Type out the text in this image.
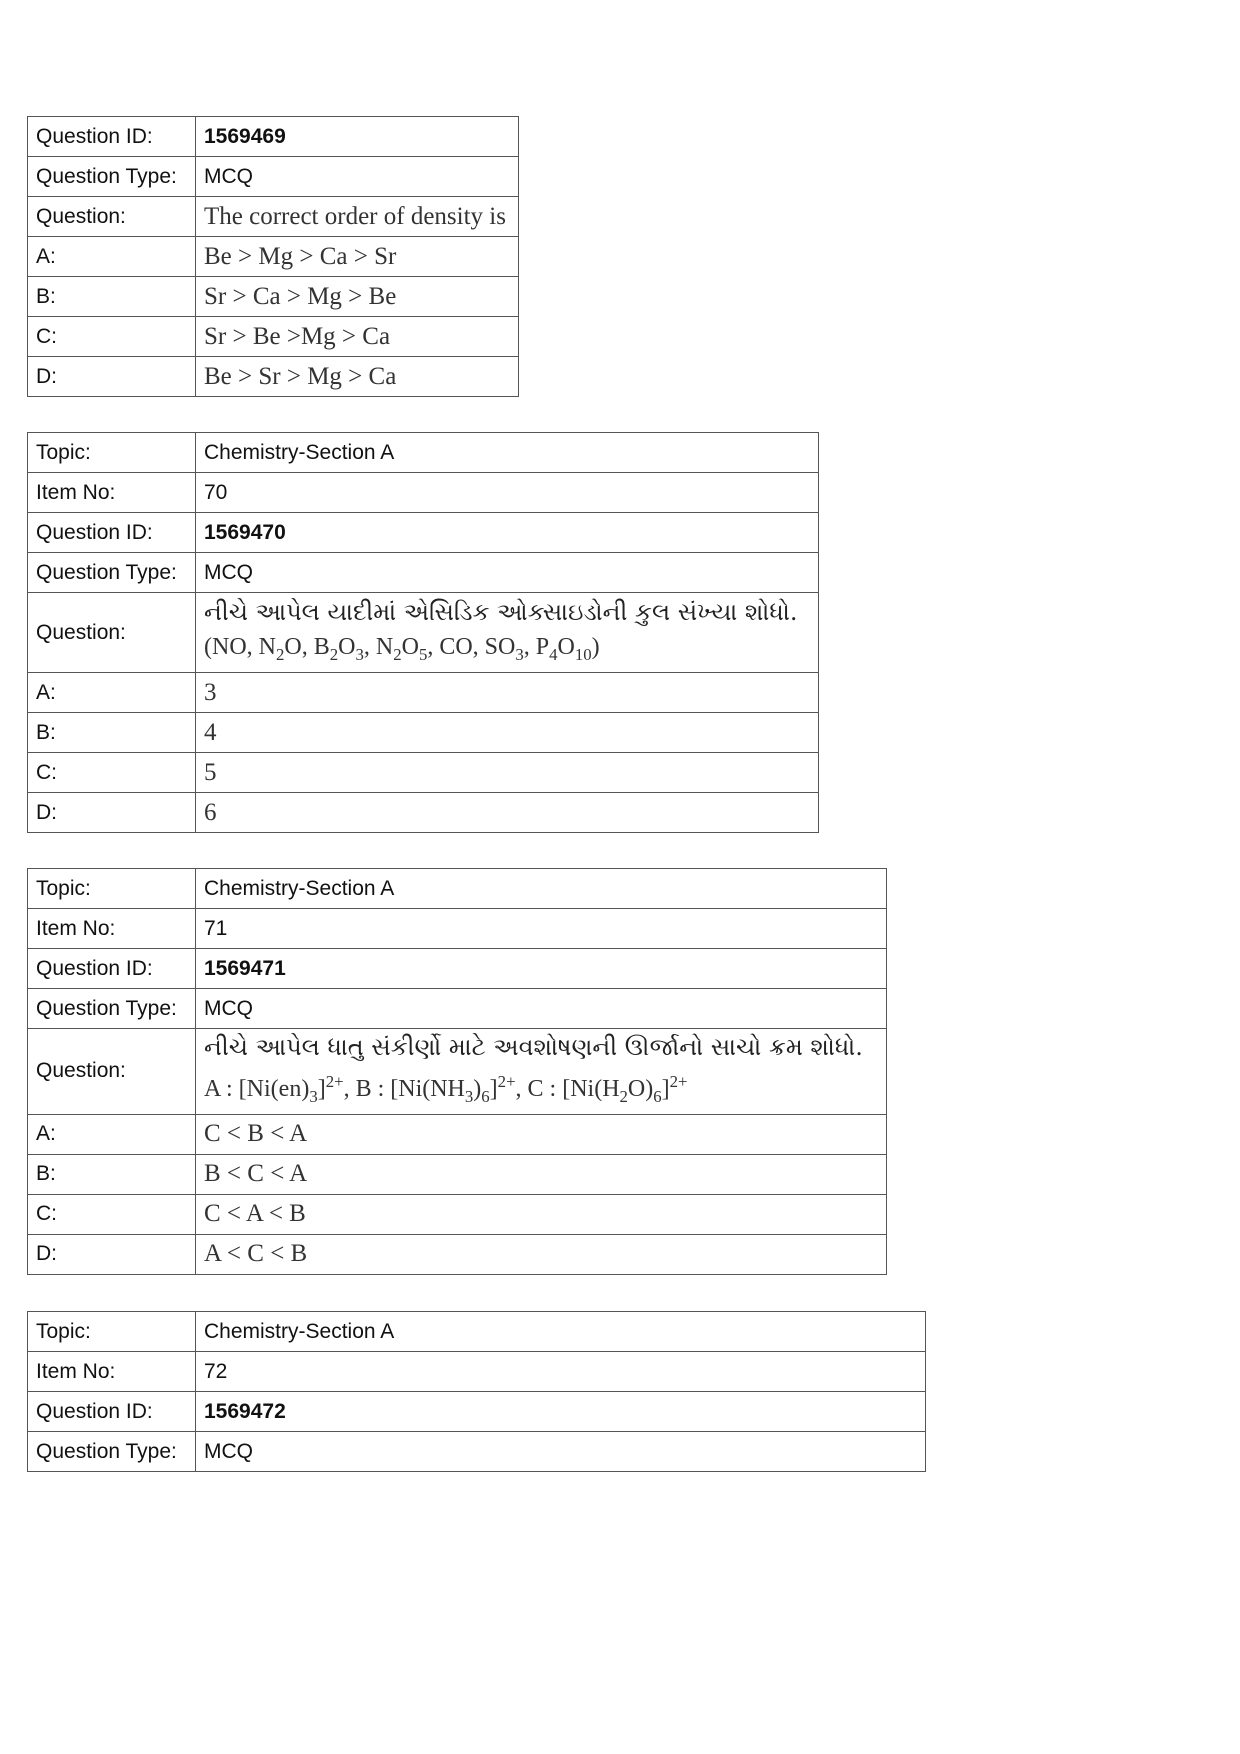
Question ID:	1569469
Question Type:	MCQ
Question:	The correct order of density is
A:	Be > Mg > Ca > Sr
B:	Sr > Ca > Mg > Be
C:	Sr > Be >Mg > Ca
D:	Be > Sr > Mg > Ca
Topic:	Chemistry-Section A
Item No:	70
Question ID:	1569470
Question Type:	MCQ
Question:	નીચે આપેલ યાદીમાં એસિડિક ઓક્સાઇડોની કુલ સંખ્યા શોધો.
(NO, $N_2O$, $B_2O_3$, $N_2O_5$, CO, $SO_3$, $P_4O_{10}$)

A:	3
B:	4
C:	5
D:	6
Topic:	Chemistry-Section A
Item No:	71
Question ID:	1569471
Question Type:	MCQ
Question:	નીચે આપેલ ધાતુ સંકીર્ણો માટે અવશોષણની ઊર્જાનો સાચો ક્રમ શોધો.
A : $[Ni(en)_3]^{2+}$, B : $[Ni(NH_3)_6]^{2+}$, C : $[Ni(H_2O)_6]^{2+}$

A:	C < B < A
B:	B < C < A
C:	C < A < B
D:	A < C < B
Topic:	Chemistry-Section A
Item No:	72
Question ID:	1569472
Question Type:	MCQ
